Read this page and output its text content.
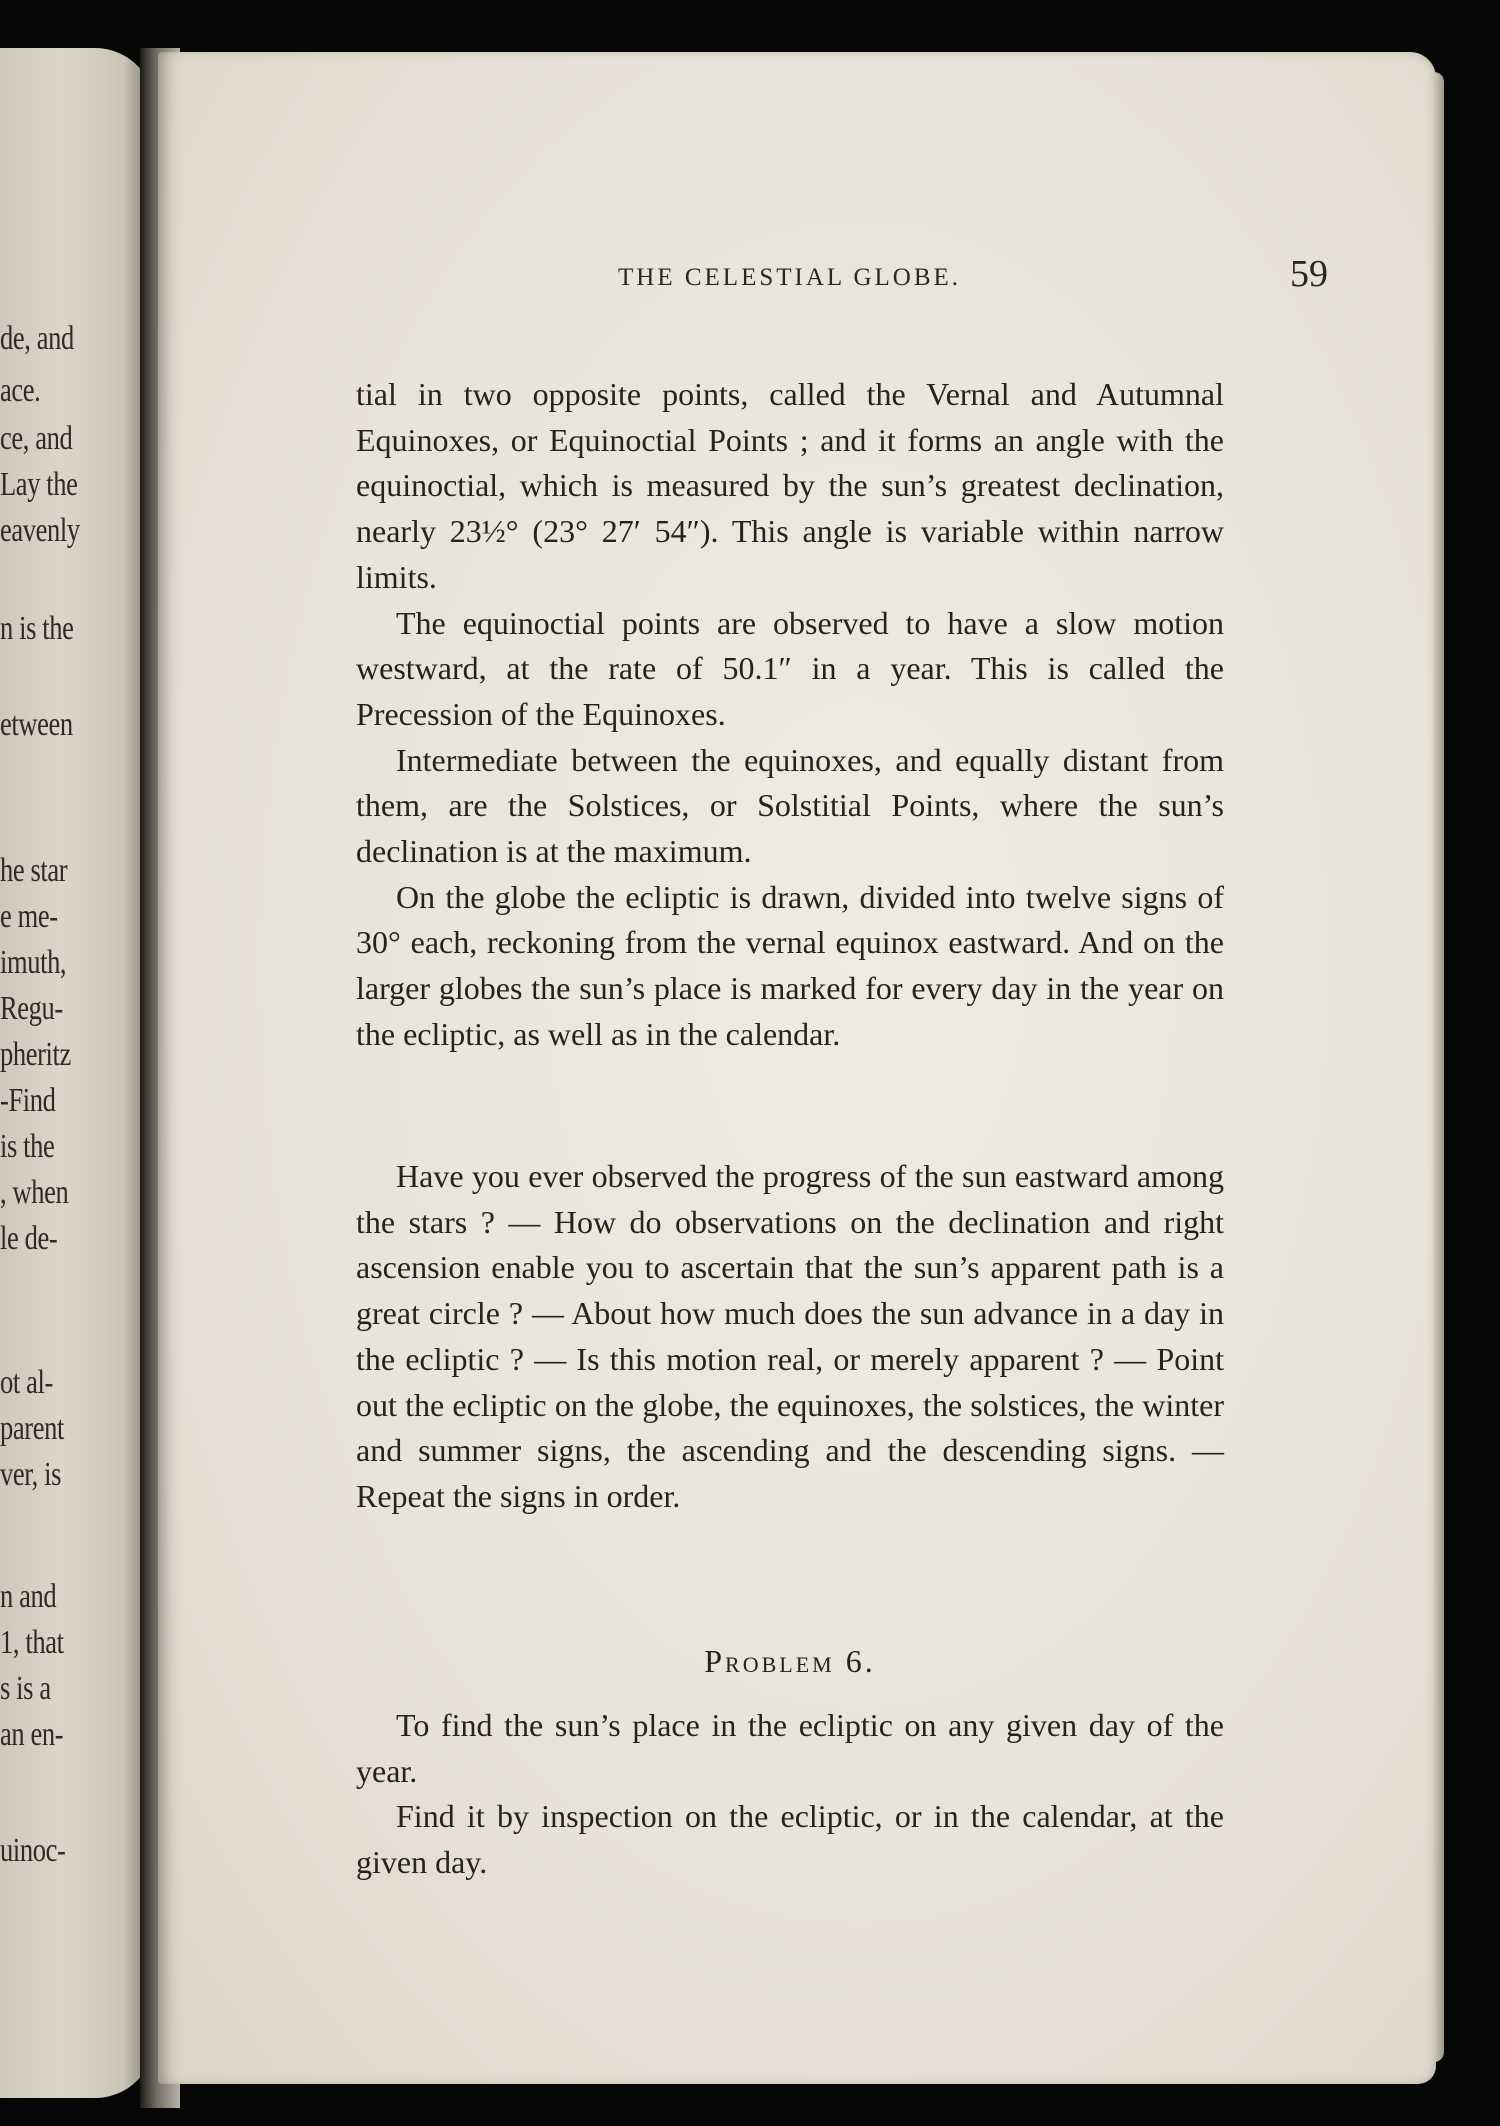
de, and
ace.
ce, and
Lay the
eavenly
n is the
etween
he star
e me-
imuth,
Regu-
pheritz
-Find
is the
, when
le de-
ot al-
parent
ver, is
n and
1, that
s is a
an en-
uinoc-
THE CELESTIAL GLOBE.	59

tial in two opposite points, called the Vernal and Autumnal Equinoxes, or Equinoctial Points ; and it forms an angle with the equinoctial, which is measured by the sun’s greatest declination, nearly 23½° (23° 27′ 54″). This angle is variable within narrow limits.

The equinoctial points are observed to have a slow motion westward, at the rate of 50.1″ in a year. This is called the Precession of the Equinoxes.

Intermediate between the equinoxes, and equally distant from them, are the Solstices, or Solstitial Points, where the sun’s declination is at the maximum.

On the globe the ecliptic is drawn, divided into twelve signs of 30° each, reckoning from the vernal equinox eastward. And on the larger globes the sun’s place is marked for every day in the year on the ecliptic, as well as in the calendar.

Have you ever observed the progress of the sun eastward among the stars ? — How do observations on the declination and right ascension enable you to ascertain that the sun’s apparent path is a great circle ? — About how much does the sun advance in a day in the ecliptic ? — Is this motion real, or merely apparent ? — Point out the ecliptic on the globe, the equinoxes, the solstices, the winter and summer signs, the ascending and the descending signs. — Repeat the signs in order.

Problem 6.

To find the sun’s place in the ecliptic on any given day of the year.

Find it by inspection on the ecliptic, or in the calendar, at the given day.
